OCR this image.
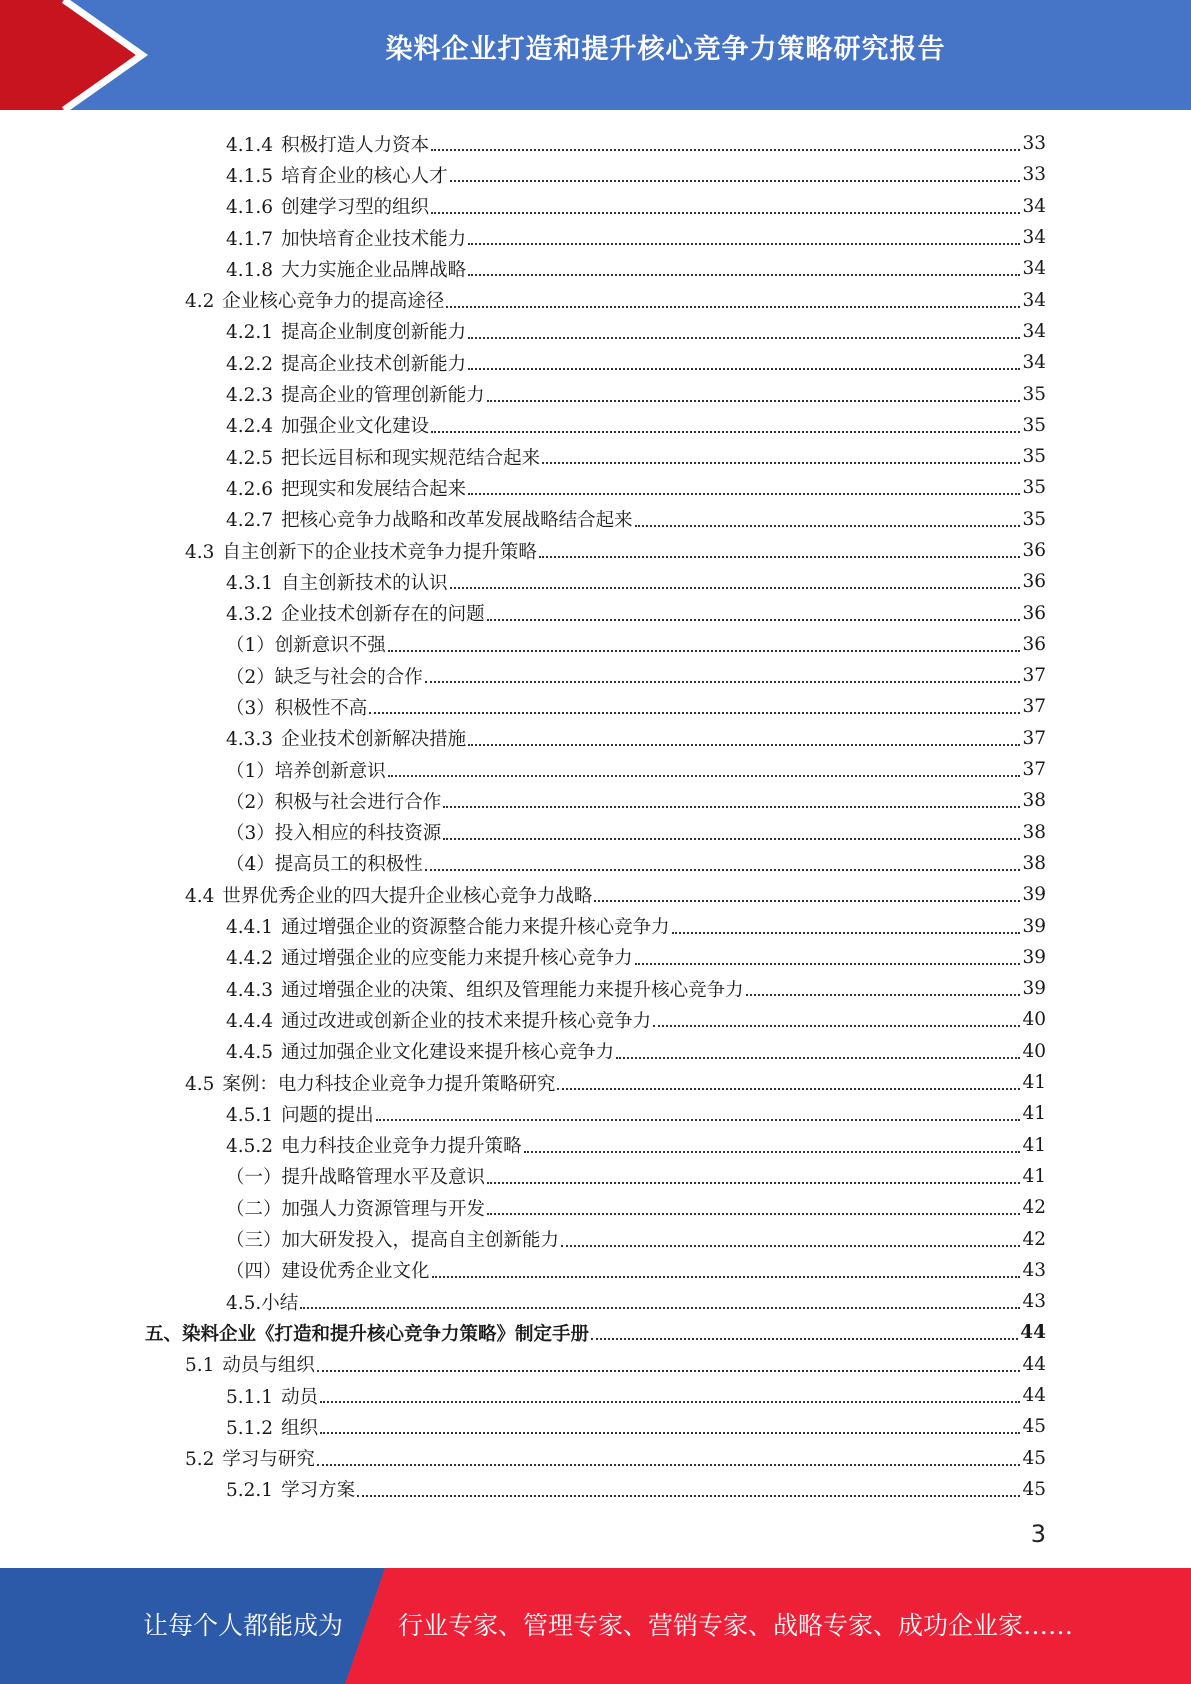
染料企业打造和提升核心竞争力策略研究报告
4.1.4 积极打造人力资本	33
4.1.5 培育企业的核心人才	33
4.1.6 创建学习型的组织	34
4.1.7 加快培育企业技术能力	34
4.1.8 大力实施企业品牌战略	34
4.2 企业核心竞争力的提高途径	34
4.2.1 提高企业制度创新能力	34
4.2.2 提高企业技术创新能力	34
4.2.3 提高企业的管理创新能力	35
4.2.4 加强企业文化建设	35
4.2.5 把长远目标和现实规范结合起来	35
4.2.6 把现实和发展结合起来	35
4.2.7 把核心竞争力战略和改革发展战略结合起来	35
4.3 自主创新下的企业技术竞争力提升策略	36
4.3.1 自主创新技术的认识	36
4.3.2 企业技术创新存在的问题	36
（1）创新意识不强	36
（2）缺乏与社会的合作	37
（3）积极性不高	37
4.3.3 企业技术创新解决措施	37
（1）培养创新意识	37
（2）积极与社会进行合作	38
（3）投入相应的科技资源	38
（4）提高员工的积极性	38
4.4 世界优秀企业的四大提升企业核心竞争力战略	39
4.4.1 通过增强企业的资源整合能力来提升核心竞争力	39
4.4.2 通过增强企业的应变能力来提升核心竞争力	39
4.4.3 通过增强企业的决策、组织及管理能力来提升核心竞争力	39
4.4.4 通过改进或创新企业的技术来提升核心竞争力	40
4.4.5 通过加强企业文化建设来提升核心竞争力	40
4.5 案例：电力科技企业竞争力提升策略研究	41
4.5.1 问题的提出	41
4.5.2 电力科技企业竞争力提升策略	41
（一）提升战略管理水平及意识	41
（二）加强人力资源管理与开发	42
（三）加大研发投入，提高自主创新能力	42
（四）建设优秀企业文化	43
4.5.小结	43
五、染料企业《打造和提升核心竞争力策略》制定手册	44
5.1 动员与组织	44
5.1.1 动员	44
5.1.2 组织	45
5.2 学习与研究	45
5.2.1 学习方案	45
3
让每个人都能成为 行业专家、管理专家、营销专家、战略专家、成功企业家……
